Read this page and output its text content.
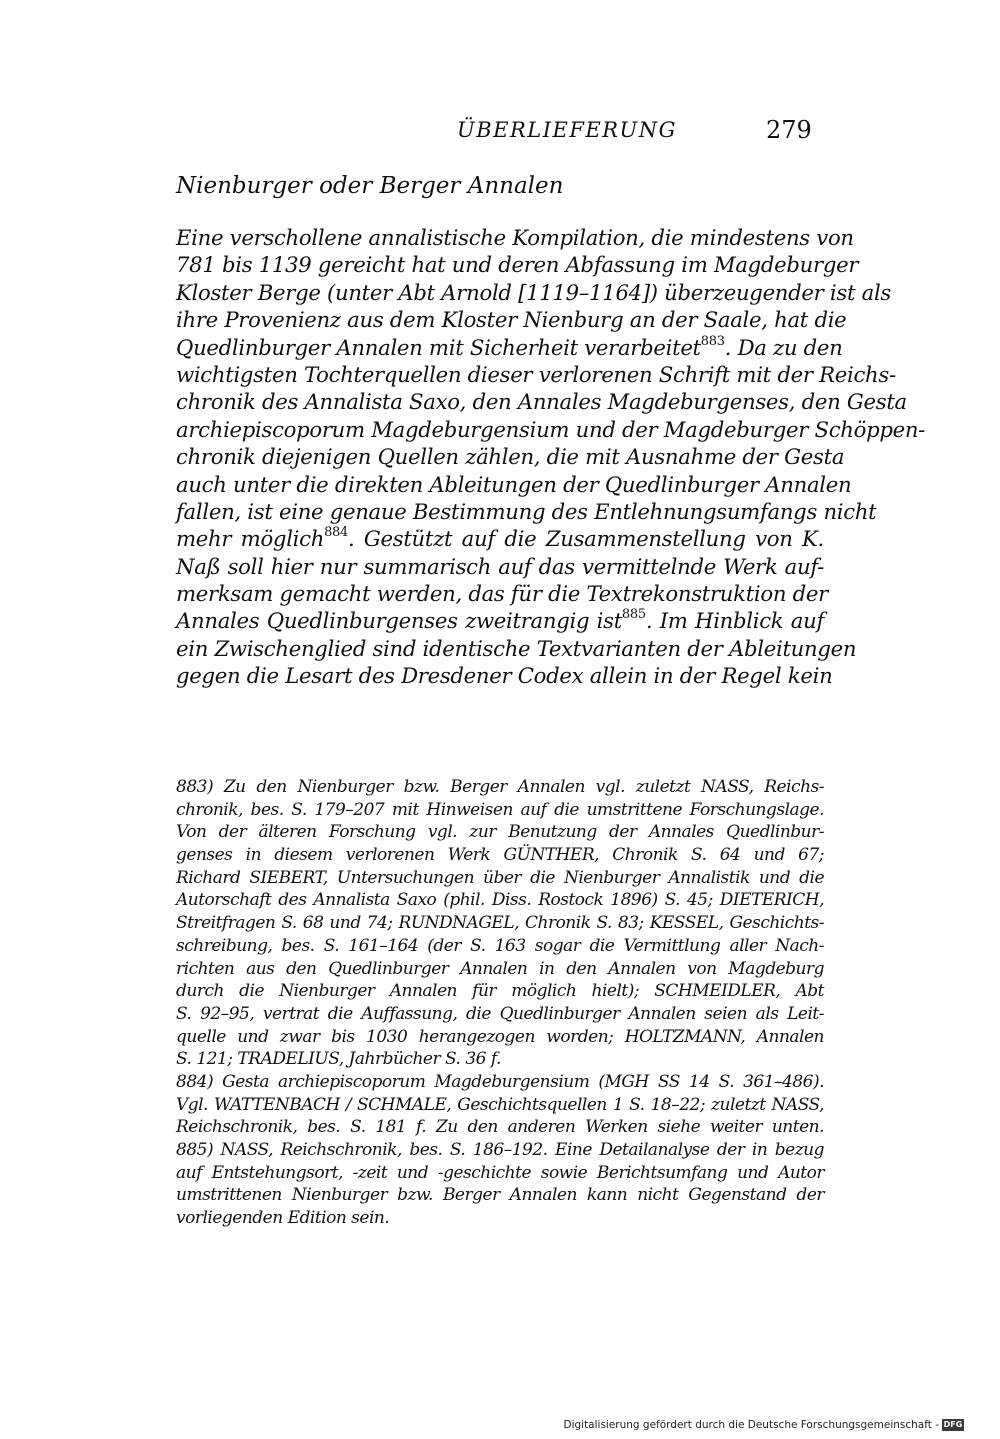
ÜBERLIEFERUNG	279
Nienburger oder Berger Annalen
Eine verschollene annalistische Kompilation, die mindestens von
781 bis 1139 gereicht hat und deren Abfassung im Magdeburger
Kloster Berge (unter Abt Arnold [1119–1164]) überzeugender ist als
ihre Provenienz aus dem Kloster Nienburg an der Saale, hat die
Quedlinburger Annalen mit Sicherheit verarbeitet$^{883}$. Da zu den
wichtigsten Tochterquellen dieser verlorenen Schrift mit der Reichs-
chronik des Annalista Saxo, den Annales Magdeburgenses, den Gesta
archiepiscoporum Magdeburgensium und der Magdeburger Schöppen-
chronik diejenigen Quellen zählen, die mit Ausnahme der Gesta
auch unter die direkten Ableitungen der Quedlinburger Annalen
fallen, ist eine genaue Bestimmung des Entlehnungsumfangs nicht
mehr möglich$^{884}$. Gestützt auf die Zusammenstellung von K.
Naß soll hier nur summarisch auf das vermittelnde Werk auf-
merksam gemacht werden, das für die Textrekonstruktion der
Annales Quedlinburgenses zweitrangig ist$^{885}$. Im Hinblick auf
ein Zwischenglied sind identische Textvarianten der Ableitungen
gegen die Lesart des Dresdener Codex allein in der Regel kein
883) Zu den Nienburger bzw. Berger Annalen vgl. zuletzt NASS, Reichs-
chronik, bes. S. 179–207 mit Hinweisen auf die umstrittene Forschungslage.
Von der älteren Forschung vgl. zur Benutzung der Annales Quedlinbur-
genses in diesem verlorenen Werk GÜNTHER, Chronik S. 64 und 67;
Richard SIEBERT, Untersuchungen über die Nienburger Annalistik und die
Autorschaft des Annalista Saxo (phil. Diss. Rostock 1896) S. 45; DIETERICH,
Streitfragen S. 68 und 74; RUNDNAGEL, Chronik S. 83; KESSEL, Geschichts-
schreibung, bes. S. 161–164 (der S. 163 sogar die Vermittlung aller Nach-
richten aus den Quedlinburger Annalen in den Annalen von Magdeburg
durch die Nienburger Annalen für möglich hielt); SCHMEIDLER, Abt
S. 92–95, vertrat die Auffassung, die Quedlinburger Annalen seien als Leit-
quelle und zwar bis 1030 herangezogen worden; HOLTZMANN, Annalen
S. 121; TRADELIUS, Jahrbücher S. 36 f.
884) Gesta archiepiscoporum Magdeburgensium (MGH SS 14 S. 361–486).
Vgl. WATTENBACH / SCHMALE, Geschichtsquellen 1 S. 18–22; zuletzt NASS,
Reichschronik, bes. S. 181 f. Zu den anderen Werken siehe weiter unten.
885) NASS, Reichschronik, bes. S. 186–192. Eine Detailanalyse der in bezug
auf Entstehungsort, -zeit und -geschichte sowie Berichtsumfang und Autor
umstrittenen Nienburger bzw. Berger Annalen kann nicht Gegenstand der
vorliegenden Edition sein.
Digitalisierung gefördert durch die Deutsche Forschungsgemeinschaft - DFG
